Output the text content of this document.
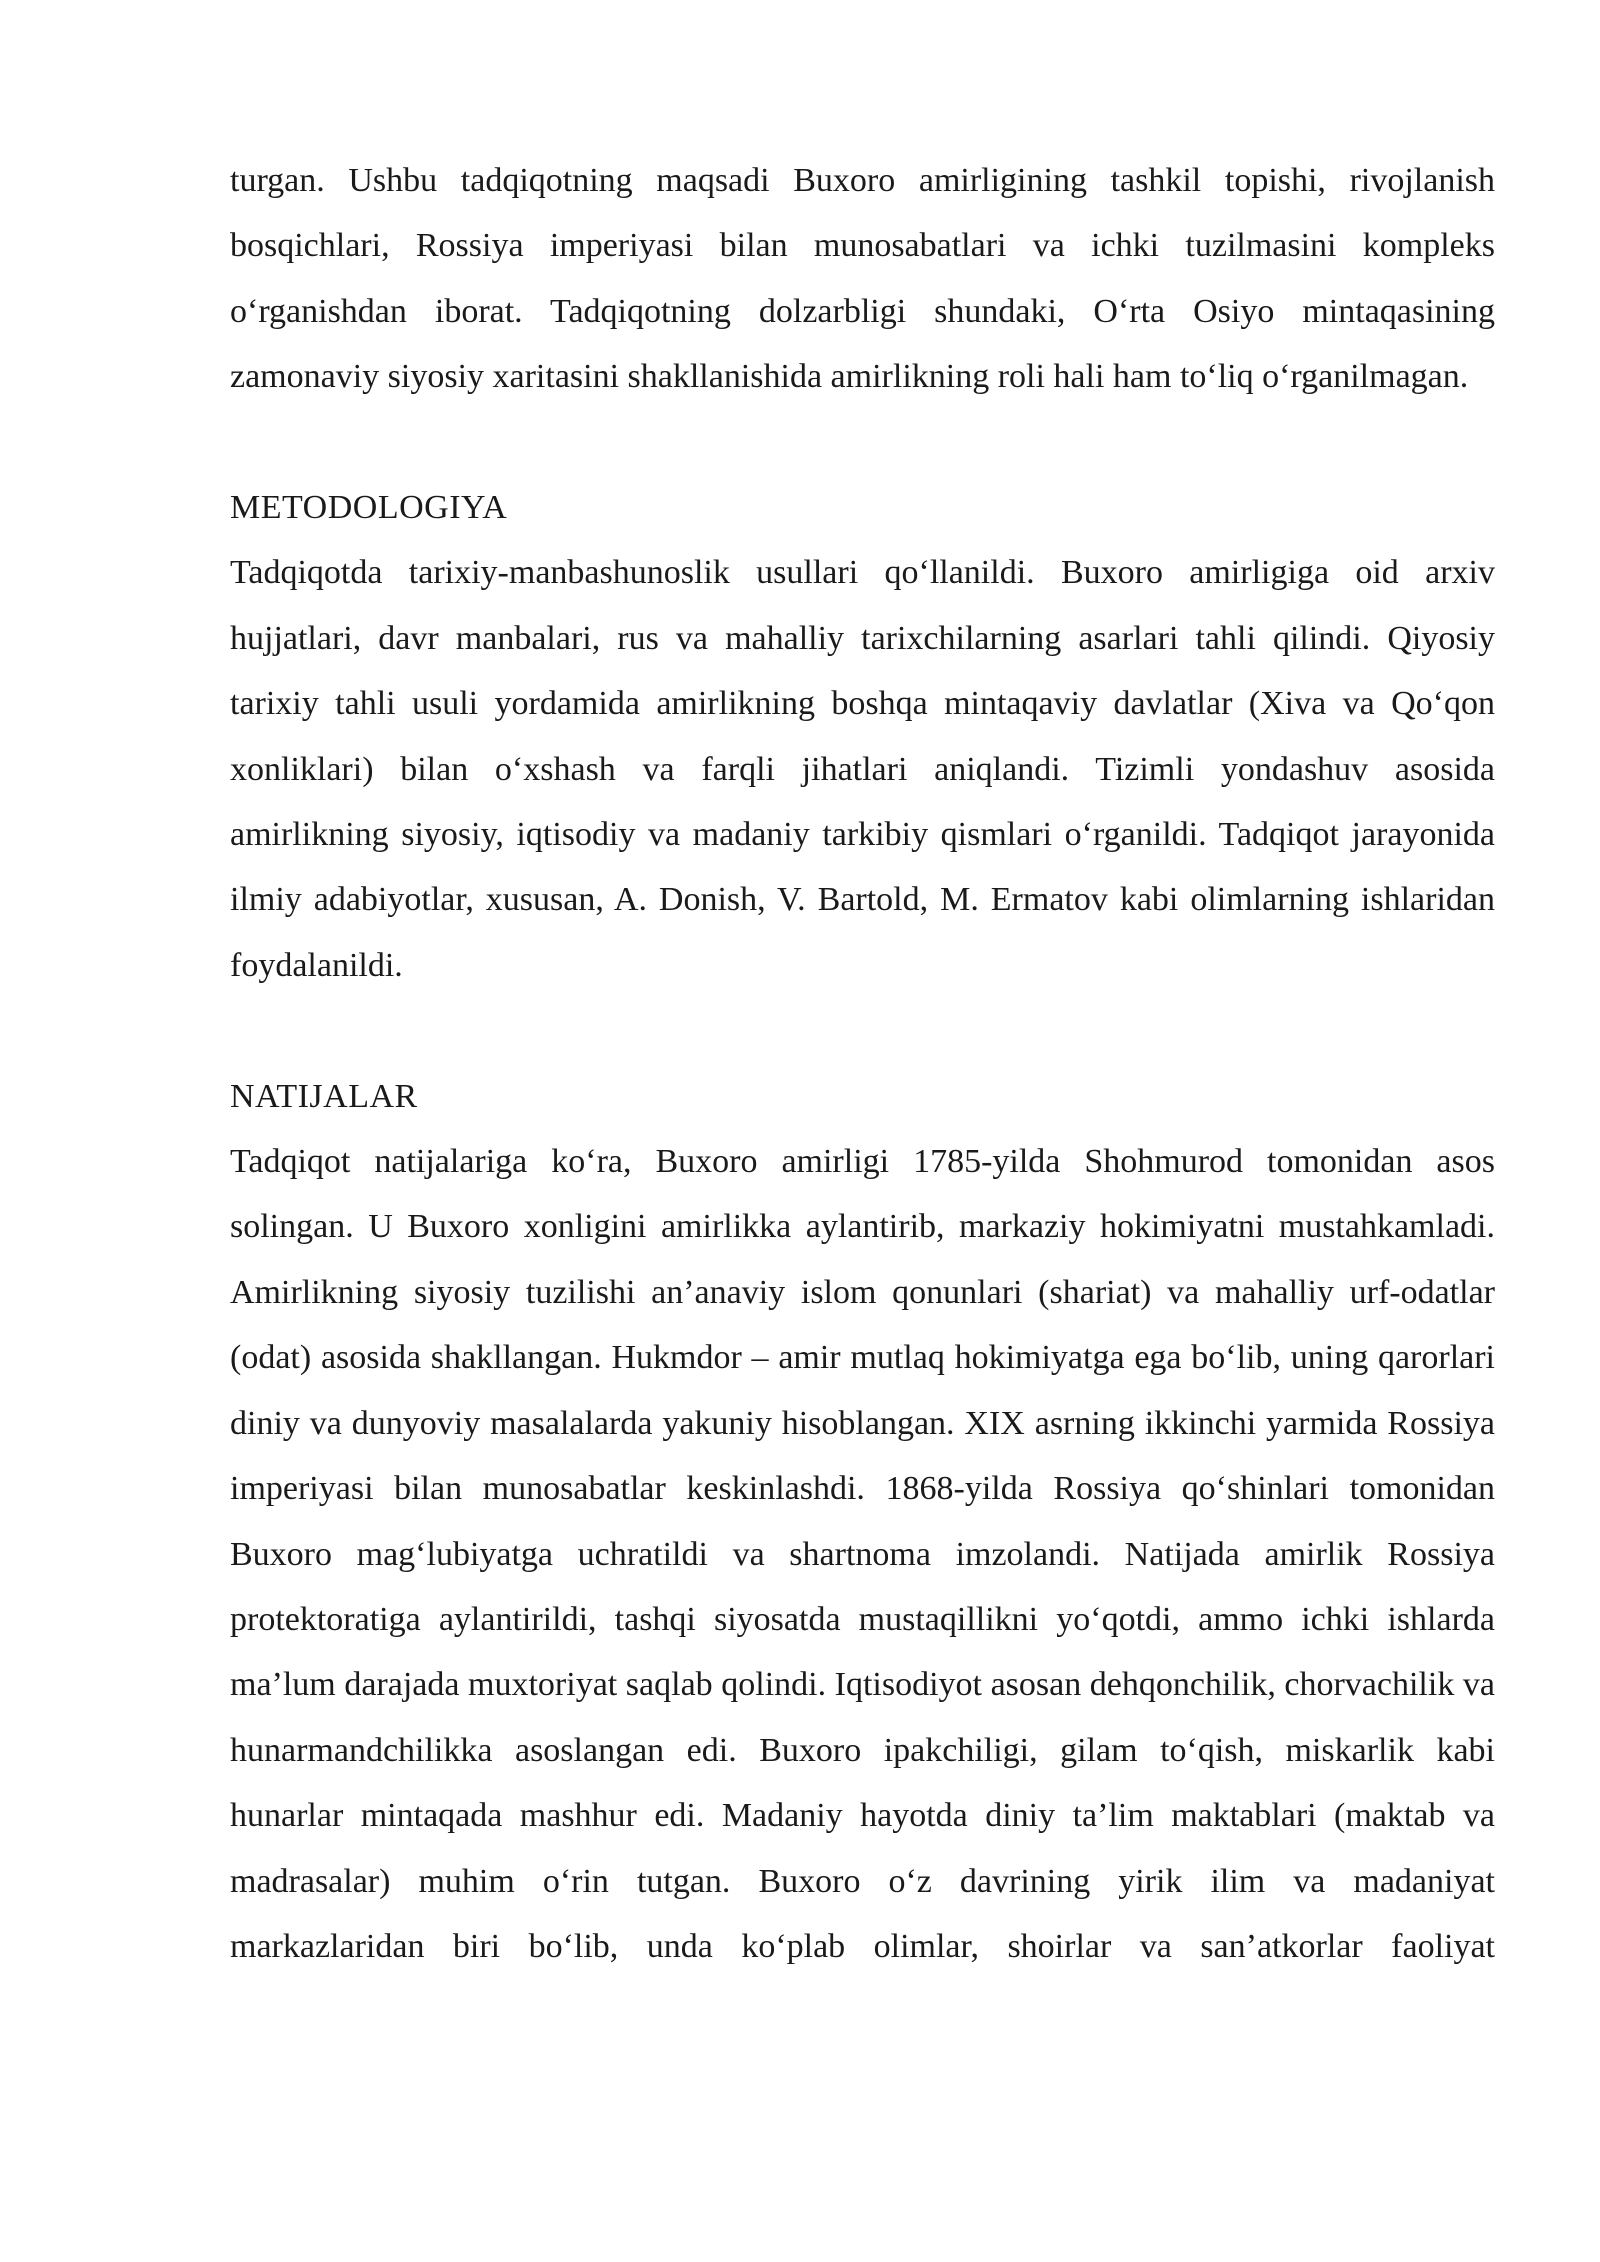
turgan. Ushbu tadqiqotning maqsadi Buxoro amirligining tashkil topishi, rivojlanish bosqichlari, Rossiya imperiyasi bilan munosabatlari va ichki tuzilmasini kompleks o‘rganishdan iborat. Tadqiqotning dolzarbligi shundaki, O‘rta Osiyo mintaqasining zamonaviy siyosiy xaritasini shakllanishida amirlikning roli hali ham to‘liq o‘rganilmagan.

METODOLOGIYA

Tadqiqotda tarixiy-manbashunoslik usullari qo‘llanildi. Buxoro amirligiga oid arxiv hujjatlari, davr manbalari, rus va mahalliy tarixchilarning asarlari tahli qilindi. Qiyosiy tarixiy tahli usuli yordamida amirlikning boshqa mintaqaviy davlatlar (Xiva va Qo‘qon xonliklari) bilan o‘xshash va farqli jihatlari aniqlandi. Tizimli yondashuv asosida amirlikning siyosiy, iqtisodiy va madaniy tarkibiy qismlari o‘rganildi. Tadqiqot jarayonida ilmiy adabiyotlar, xususan, A. Donish, V. Bartold, M. Ermatov kabi olimlarning ishlaridan foydalanildi.

NATIJALAR

Tadqiqot natijalariga ko‘ra, Buxoro amirligi 1785-yilda Shohmurod tomonidan asos solingan. U Buxoro xonligini amirlikka aylantirib, markaziy hokimiyatni mustahkamladi. Amirlikning siyosiy tuzilishi an’anaviy islom qonunlari (shariat) va mahalliy urf-odatlar (odat) asosida shakllangan. Hukmdor – amir mutlaq hokimiyatga ega bo‘lib, uning qarorlari diniy va dunyoviy masalalarda yakuniy hisoblangan. XIX asrning ikkinchi yarmida Rossiya imperiyasi bilan munosabatlar keskinlashdi. 1868-yilda Rossiya qo‘shinlari tomonidan Buxoro mag‘lubiyatga uchratildi va shartnoma imzolandi. Natijada amirlik Rossiya protektoratiga aylantirildi, tashqi siyosatda mustaqillikni yo‘qotdi, ammo ichki ishlarda ma’lum darajada muxtoriyat saqlab qolindi. Iqtisodiyot asosan dehqonchilik, chorvachilik va hunarmandchilikka asoslangan edi. Buxoro ipakchiligi, gilam to‘qish, miskarlik kabi hunarlar mintaqada mashhur edi. Madaniy hayotda diniy ta’lim maktablari (maktab va madrasalar) muhim o‘rin tutgan. Buxoro o‘z davrining yirik ilim va madaniyat markazlaridan biri bo‘lib, unda ko‘plab olimlar, shoirlar va san’atkorlar faoliyat
